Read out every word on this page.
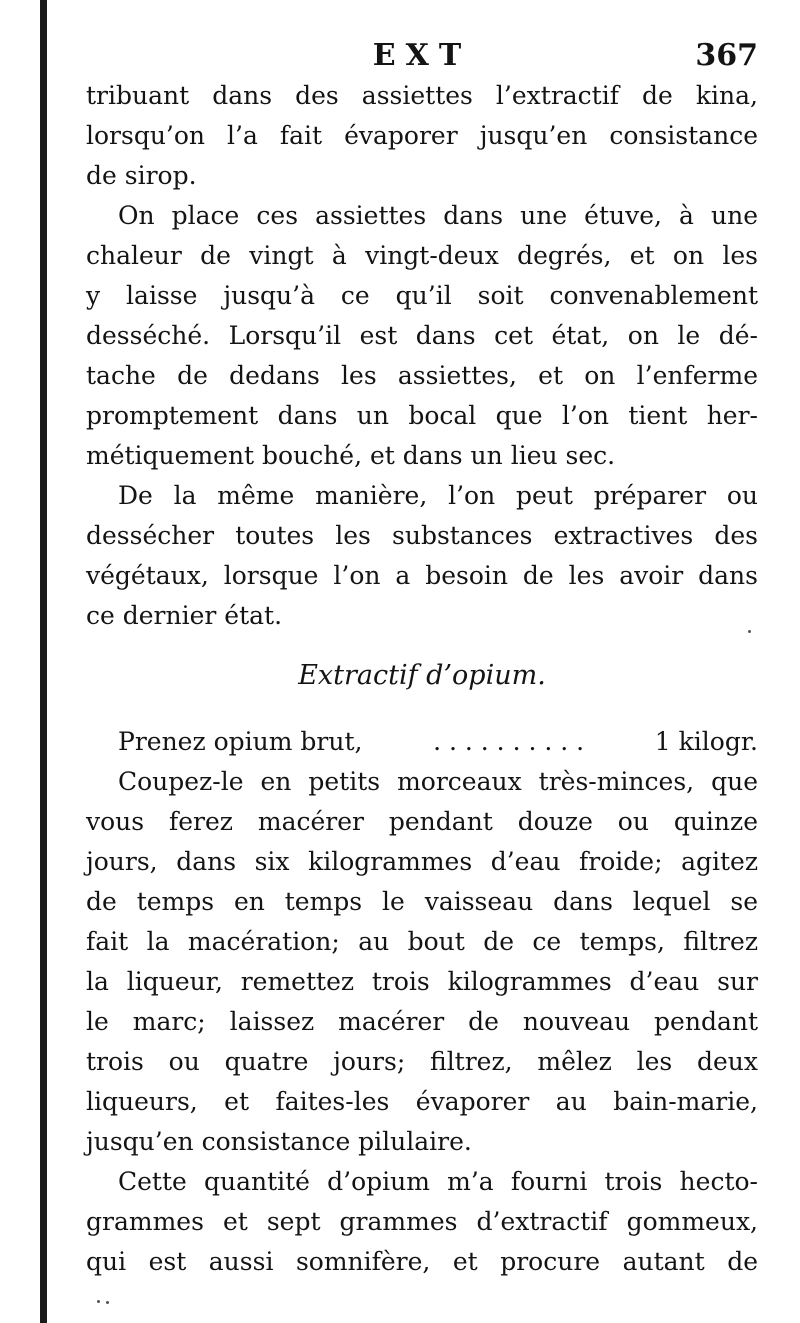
EXT	367

tribuant dans des assiettes l’extractif de kina,

lorsqu’on l’a fait évaporer jusqu’en consistance

de sirop.

On place ces assiettes dans une étuve, à une

chaleur de vingt à vingt-deux degrés, et on les

y laisse jusqu’à ce qu’il soit convenablement

desséché. Lorsqu’il est dans cet état, on le dé-

tache de dedans les assiettes, et on l’enferme

promptement dans un bocal que l’on tient her-

métiquement bouché, et dans un lieu sec.

De la même manière, l’on peut préparer ou

dessécher toutes les substances extractives des

végétaux, lorsque l’on a besoin de les avoir dans

ce dernier état.

Extractif d’opium.
Prenez opium brut,	. . . . . . . . . .	1 kilogr.

Coupez-le en petits morceaux très-minces, que

vous ferez macérer pendant douze ou quinze

jours, dans six kilogrammes d’eau froide; agitez

de temps en temps le vaisseau dans lequel se

fait la macération; au bout de ce temps, filtrez

la liqueur, remettez trois kilogrammes d’eau sur

le marc; laissez macérer de nouveau pendant

trois ou quatre jours; filtrez, mêlez les deux

liqueurs, et faites-les évaporer au bain-marie,

jusqu’en consistance pilulaire.

Cette quantité d’opium m’a fourni trois hecto-

grammes et sept grammes d’extractif gommeux,

qui est aussi somnifère, et procure autant de
